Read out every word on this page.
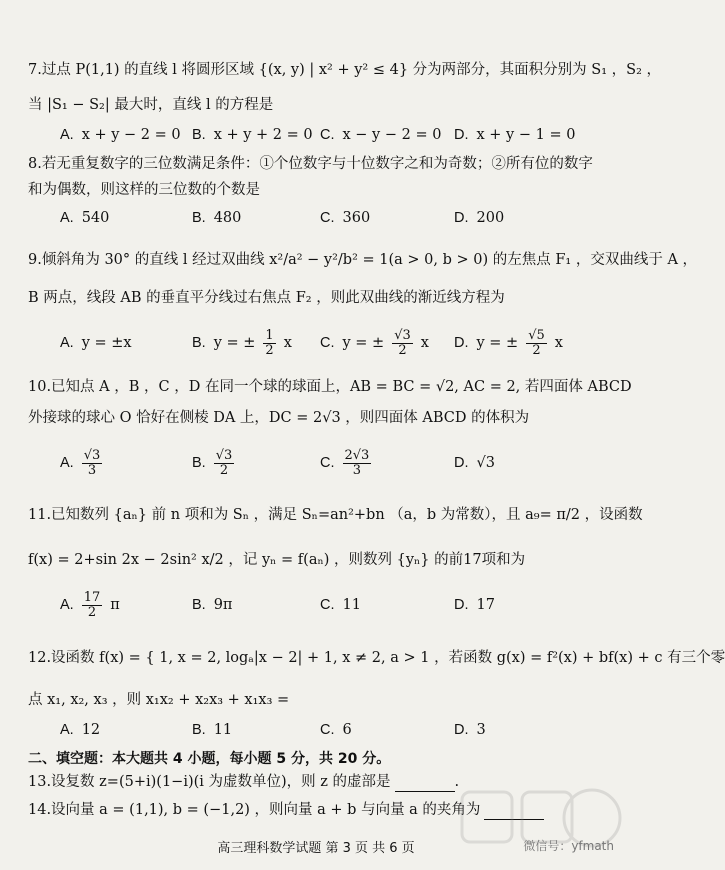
7.过点 P(1,1) 的直线 l 将圆形区域 {(x, y) | x² + y² ≤ 4} 分为两部分，其面积分别为 S₁ ，S₂ ，
当 |S₁ − S₂| 最大时，直线 l 的方程是
A. x + y − 2 = 0 B. x + y + 2 = 0 C. x − y − 2 = 0 D. x + y − 1 = 0
8.若无重复数字的三位数满足条件：①个位数字与十位数字之和为奇数；②所有位的数字
和为偶数，则这样的三位数的个数是
A. 540	B. 480	C. 360	D. 200
9.倾斜角为 30° 的直线 l 经过双曲线 x²/a² − y²/b² = 1(a > 0, b > 0) 的左焦点 F₁ ，交双曲线于 A ，
B 两点，线段 AB 的垂直平分线过右焦点 F₂ ，则此双曲线的渐近线方程为
A. y = ±x	B. y = ± $\frac{1}{2}$ x C. y = ± $\frac{√3}{2}$ x D. y = ± $\frac{√5}{2}$ x
10.已知点 A ，B ，C ，D 在同一个球的球面上，AB = BC = √2, AC = 2, 若四面体 ABCD
外接球的球心 O 恰好在侧棱 DA 上，DC = 2√3 ，则四面体 ABCD 的体积为
A. $\frac{√3}{3}$	B. $\frac{√3}{2}$	C. $\frac{2√3}{3}$	D. √3
11.已知数列 {aₙ} 前 n 项和为 Sₙ ，满足 Sₙ=an²+bn （a，b 为常数），且 a₉= π/2 ，设函数
f(x) = 2+sin 2x − 2sin² x/2 ，记 yₙ = f(aₙ) ，则数列 {yₙ} 的前17项和为
A. $\frac{17}{2}$ π	B. 9π	C. 11	D. 17
12.设函数 f(x) = { 1, x = 2, logₐ|x − 2| + 1, x ≠ 2, a > 1 ，若函数 g(x) = f²(x) + bf(x) + c 有三个零
点 x₁, x₂, x₃ ，则 x₁x₂ + x₂x₃ + x₁x₃ =
A. 12	B. 11	C. 6	D. 3
二、填空题：本大题共 4 小题，每小题 5 分，共 20 分。
13.设复数 z=(5+i)(1−i)(i 为虚数单位)，则 z 的虚部是	.
14.设向量 a = (1,1), b = (−1,2) ，则向量 a + b 与向量 a 的夹角为
微信号：yfmath
高三理科数学试题 第 3 页 共 6 页
